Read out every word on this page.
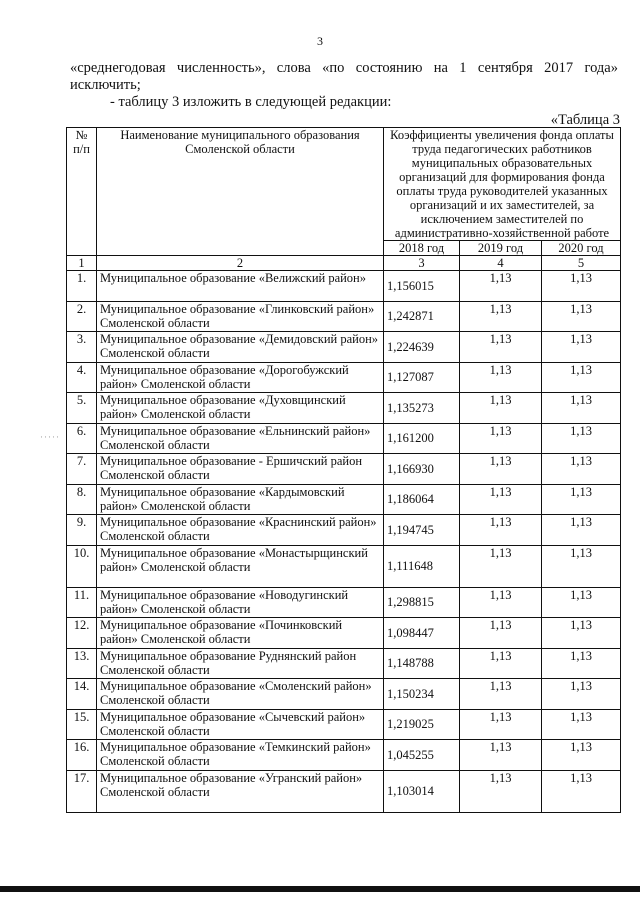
3
«среднегодовая численность», слова «по состоянию на 1 сентября 2017 года»
исключить;
- таблицу 3 изложить в следующей редакции:
«Таблица 3
·····
№ п/п	Наименование муниципального образования Смоленской области	Коэффициенты увеличения фонда оплаты труда педагогических работников муниципальных образовательных организаций для формирования фонда оплаты труда руководителей указанных организаций и их заместителей, за исключением заместителей по административно-хозяйственной работе		
		2018 год	2019 год	2020 год
1	2	3	4	5
1.	Муниципальное образование «Велижский район»	1,156015	1,13	1,13
2.	Муниципальное образование «Глинковский район» Смоленской области	1,242871	1,13	1,13
3.	Муниципальное образование «Демидовский район» Смоленской области	1,224639	1,13	1,13
4.	Муниципальное образование «Дорогобужский район» Смоленской области	1,127087	1,13	1,13
5.	Муниципальное образование «Духовщинский район» Смоленской области	1,135273	1,13	1,13
6.	Муниципальное образование «Ельнинский район» Смоленской области	1,161200	1,13	1,13
7.	Муниципальное образование - Ершичский район Смоленской области	1,166930	1,13	1,13
8.	Муниципальное образование «Кардымовский район» Смоленской области	1,186064	1,13	1,13
9.	Муниципальное образование «Краснинский район» Смоленской области	1,194745	1,13	1,13
10.	Муниципальное образование «Монастырщинский район» Смоленской области	1,111648	1,13	1,13
11.	Муниципальное образование «Новодугинский район» Смоленской области	1,298815	1,13	1,13
12.	Муниципальное образование «Починковский район» Смоленской области	1,098447	1,13	1,13
13.	Муниципальное образование Руднянский район Смоленской области	1,148788	1,13	1,13
14.	Муниципальное образование «Смоленский район» Смоленской области	1,150234	1,13	1,13
15.	Муниципальное образование «Сычевский район» Смоленской области	1,219025	1,13	1,13
16.	Муниципальное образование «Темкинский район» Смоленской области	1,045255	1,13	1,13
17.	Муниципальное образование «Угранский район» Смоленской области	1,103014	1,13	1,13
